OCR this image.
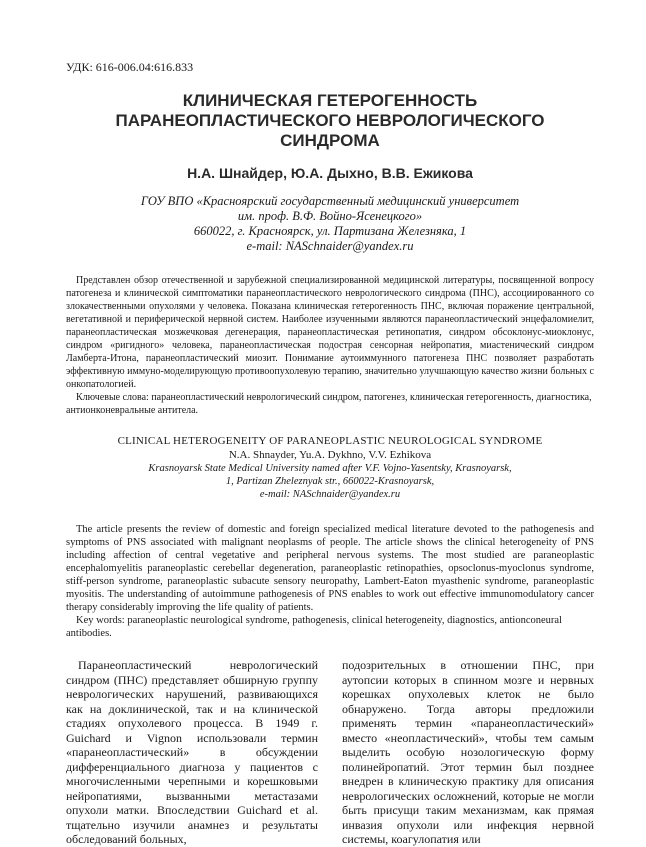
УДК: 616-006.04:616.833
КЛИНИЧЕСКАЯ ГЕТЕРОГЕННОСТЬ
ПАРАНЕОПЛАСТИЧЕСКОГО НЕВРОЛОГИЧЕСКОГО
СИНДРОМА
Н.А. Шнайдер, Ю.А. Дыхно, В.В. Ежикова
ГОУ ВПО «Красноярский государственный медицинский университет
им. проф. В.Ф. Войно-Ясенецкого»
660022, г. Красноярск, ул. Партизана Железняка, 1
e-mail: NASchnaider@yandex.ru

Представлен обзор отечественной и зарубежной специализированной медицинской литературы, посвященной вопросу патогенеза и клинической симптоматики паранеопластического неврологического синдрома (ПНС), ассоциированного со злокачественными опухолями у человека. Показана клиническая гетерогенность ПНС, включая поражение центральной, вегетативной и периферической нервной систем. Наиболее изученными являются паранеопластический энцефаломиелит, паранеопластическая мозжечковая дегенерация, паранеопластическая ретинопатия, синдром обсоклонус-миоклонус, синдром «ригидного» человека, паранеопластическая подострая сенсорная нейропатия, миастенический синдром Ламберта-Итона, паранеопластический миозит. Понимание аутоиммунного патогенеза ПНС позволяет разработать эффективную иммуно-моделирующую противоопухолевую терапию, значительно улучшающую качество жизни больных с онкопатологией.

Ключевые слова: паранеопластический неврологический синдром, патогенез, клиническая гетерогенность, диагностика, антионконевральные антитела.

CLINICAL HETEROGENEITY OF PARANEOPLASTIC NEUROLOGICAL SYNDROME
N.A. Shnayder, Yu.A. Dykhno, V.V. Ezhikova
Krasnoyarsk State Medical University named after V.F. Vojno-Yasentsky, Krasnoyarsk,
1, Partizan Zheleznyak str., 660022-Krasnoyarsk,
e-mail: NASchnaider@yandex.ru

The article presents the review of domestic and foreign specialized medical literature devoted to the pathogenesis and symptoms of PNS associated with malignant neoplasms of people. The article shows the clinical heterogeneity of PNS including affection of central vegetative and peripheral nervous systems. The most studied are paraneoplastic encephalomyelitis paraneoplastic cerebellar degeneration, paraneoplastic retinopathies, opsoclonus-myoclonus syndrome, stiff-person syndrome, paraneoplastic subacute sensory neuropathy, Lambert-Eaton myasthenic syndrome, paraneoplastic myositis. The understanding of autoimmune pathogenesis of PNS enables to work out effective immunomodulatory cancer therapy considerably improving the life quality of patients.

Key words: paraneoplastic neurological syndrome, pathogenesis, clinical heterogeneity, diagnostics, antionconeural antibodies.

Паранеопластический неврологический синдром (ПНС) представляет обширную группу неврологических нарушений, развивающихся как на доклинической, так и на клинической стадиях опухолевого процесса. В 1949 г. Guichard и Vignon использовали термин «паранеопластический» в обсуждении дифференциального диагноза у пациентов с многочисленными черепными и корешковыми нейропатиями, вызванными метастазами опухоли матки. Впоследствии Guichard et al. тщательно изучили анамнез и результаты обследований больных,

подозрительных в отношении ПНС, при аутопсии которых в спинном мозге и нервных корешках опухолевых клеток не было обнаружено. Тогда авторы предложили применять термин «паранеопластический» вместо «неопластический», чтобы тем самым выделить особую нозологическую форму полинейропатий. Этот термин был позднее внедрен в клиническую практику для описания неврологических осложнений, которые не могли быть присущи таким механизмам, как прямая инвазия опухоли или инфекция нервной системы, коагулопатия или
